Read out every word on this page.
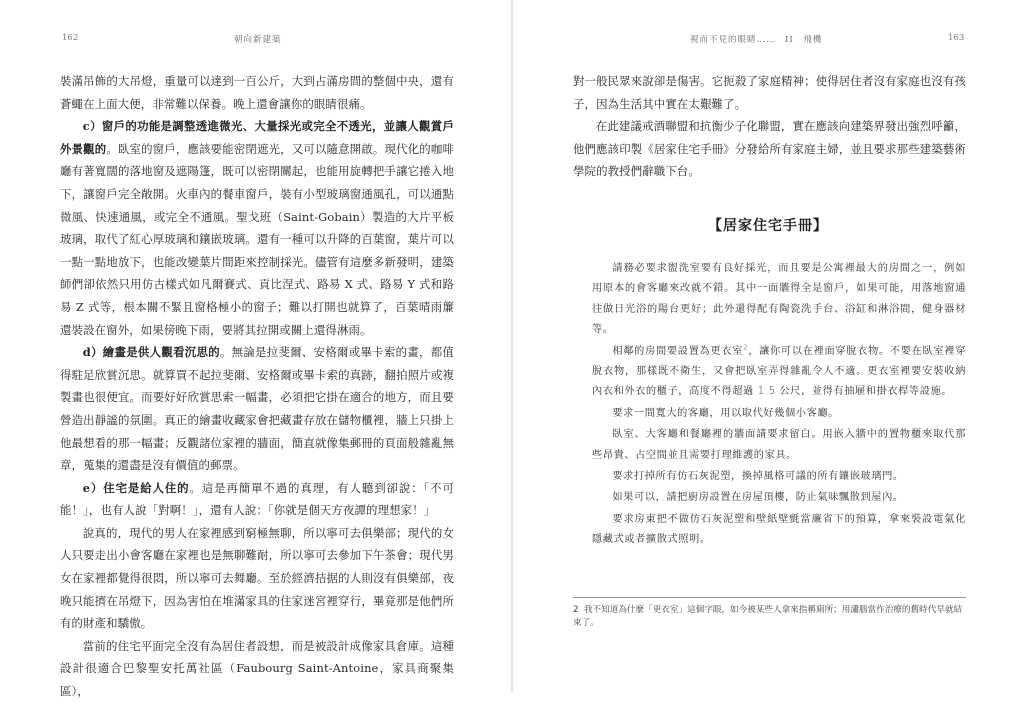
162	朝向新建築

裝滿吊飾的大吊燈，重量可以達到一百公斤，大到占滿房間的整個中央，還有蒼蠅在上面大便，非常難以保養。晚上還會讓你的眼睛很痛。

c）窗戶的功能是調整透進微光、大量採光或完全不透光，並讓人觀賞戶外景觀的。臥室的窗戶，應該要能密閉遮光，又可以隨意開啟。現代化的咖啡廳有著寬闊的落地窗及遮陽篷，既可以密閉關起，也能用旋轉把手讓它捲入地下，讓窗戶完全敞開。火車內的餐車窗戶，裝有小型玻璃窗通風孔，可以通點微風、快速通風，或完全不通風。聖戈班（Saint-Gobain）製造的大片平板玻璃，取代了紅心厚玻璃和鑲嵌玻璃。還有一種可以升降的百葉窗，葉片可以一點一點地放下，也能改變葉片間距來控制採光。儘管有這麼多新發明，建築師們卻依然只用仿古樣式如凡爾賽式、貢比涅式、路易 X 式、路易 Y 式和路易 Z 式等，根本關不緊且窗格極小的窗子；難以打開也就算了，百葉晴雨簾還裝設在窗外，如果傍晚下雨，要將其拉開或關上還得淋雨。

d）繪畫是供人觀看沉思的。無論是拉斐爾、安格爾或畢卡索的畫，都值得駐足欣賞沉思。就算買不起拉斐爾、安格爾或畢卡索的真跡，翻拍照片或複製畫也很便宜。而要好好欣賞思索一幅畫，必須把它掛在適合的地方，而且要營造出靜謐的氛圍。真正的繪畫收藏家會把藏畫存放在儲物櫃裡，牆上只掛上他最想看的那一幅畫；反觀諸位家裡的牆面，簡直就像集郵冊的頁面般雜亂無章，蒐集的還盡是沒有價值的郵票。

e）住宅是給人住的。這是再簡單不過的真理，有人聽到卻說：「不可能！」，也有人說「對啊！」，還有人說：「你就是個天方夜譚的理想家！」

說真的，現代的男人在家裡感到窮極無聊，所以寧可去俱樂部；現代的女人只要走出小會客廳在家裡也是無聊難耐，所以寧可去參加下午茶會；現代男女在家裡都覺得很悶，所以寧可去舞廳。至於經濟拮据的人則沒有俱樂部，夜晚只能擠在吊燈下，因為害怕在堆滿家具的住家迷宮裡穿行，畢竟那是他們所有的財產和驕傲。

當前的住宅平面完全沒有為居住者設想，而是被設計成像家具倉庫。這種設計很適合巴黎聖安托萬社區（Faubourg Saint-Antoine，家具商聚集區），

視而不見的眼睛……　II　飛機	163

對一般民眾來說卻是傷害。它扼殺了家庭精神；使得居住者沒有家庭也沒有孩子，因為生活其中實在太艱難了。

在此建議戒酒聯盟和抗衡少子化聯盟，實在應該向建築界發出強烈呼籲，他們應該印製《居家住宅手冊》分發給所有家庭主婦，並且要求那些建築藝術學院的教授們辭職下台。

【居家住宅手冊】

請務必要求盥洗室要有良好採光，而且要是公寓裡最大的房間之一，例如用原本的會客廳來改就不錯。其中一面牆得全是窗戶，如果可能，用落地窗通往做日光浴的陽台更好；此外還得配有陶瓷洗手台、浴缸和淋浴間，健身器材等。

相鄰的房間要設置為更衣室$^2$，讓你可以在裡面穿脫衣物。不要在臥室裡穿脫衣物，那樣既不衛生，又會把臥室弄得雜亂令人不適。更衣室裡要安裝收納內衣和外衣的櫃子，高度不得超過 1.5 公尺，並得有抽屜和掛衣桿等設施。

要求一間寬大的客廳，用以取代好幾個小客廳。

臥室、大客廳和餐廳裡的牆面請要求留白。用嵌入牆中的置物櫃來取代那些昂貴、占空間並且需要打理維護的家具。

要求打掉所有仿石灰泥塑，換掉風格可議的所有鑲嵌玻璃門。

如果可以，請把廚房設置在房屋頂樓，防止氣味飄散到屋內。

要求房東把不做仿石灰泥塑和壁紙壁氈當廉省下的預算，拿來裝設電氣化隱藏式或者擴散式照明。

2 我不知道為什麼「更衣室」這個字眼，如今被某些人拿來指稱廁所；用瀟腦當作治療的舊時代早就結束了。
